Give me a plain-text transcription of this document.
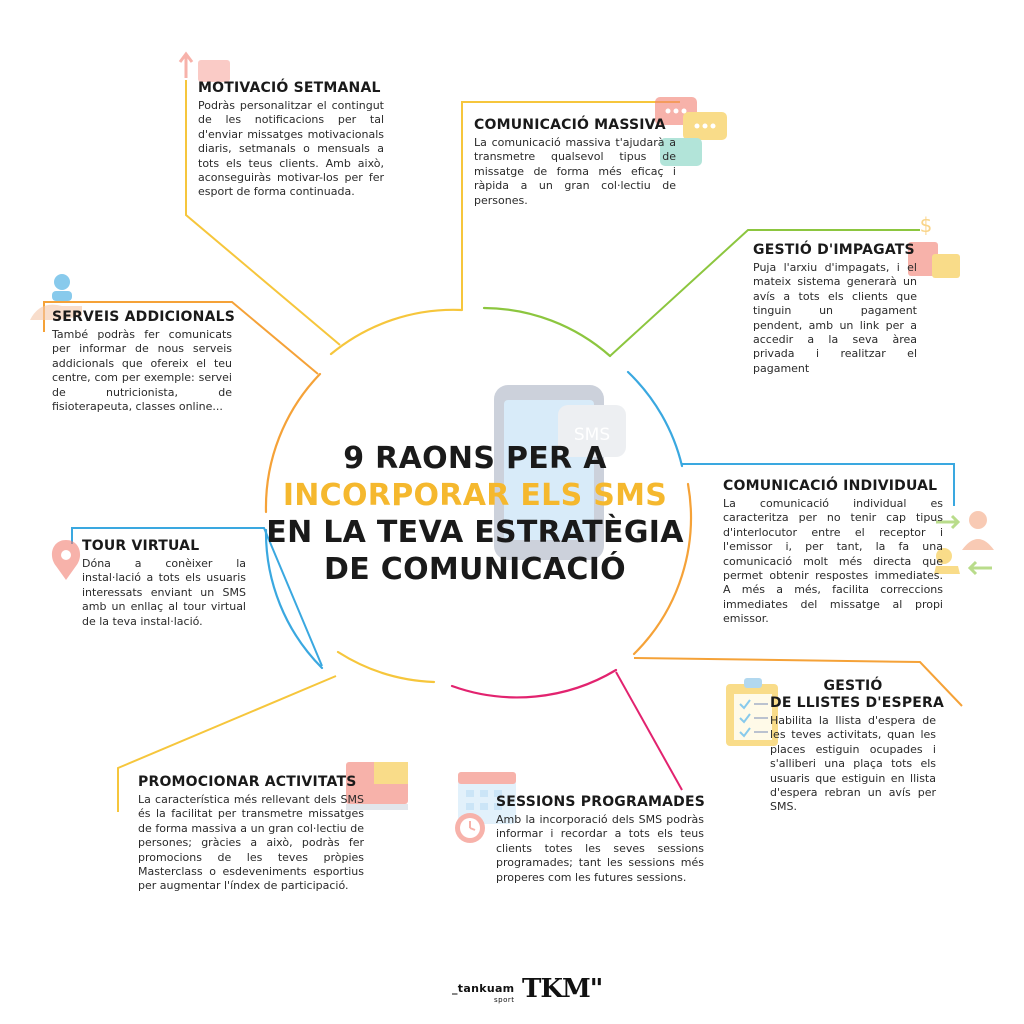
SMS
$
9 RAONS PER A
INCORPORAR ELS SMS
EN LA TEVA ESTRATÈGIA
DE COMUNICACIÓ
MOTIVACIÓ SETMANAL
Podràs personalitzar el contingut de les notificacions per tal d'enviar missatges motivacionals diaris, setmanals o mensuals a tots els teus clients. Amb això, aconseguiràs motivar-los per fer esport de forma continuada.
COMUNICACIÓ MASSIVA
La comunicació massiva t'ajudarà a transmetre qualsevol tipus de missatge de forma més eficaç i ràpida a un gran col·lectiu de persones.
GESTIÓ D'IMPAGATS
Puja l'arxiu d'impagats, i el mateix sistema generarà un avís a tots els clients que tinguin un pagament pendent, amb un link per a accedir a la seva àrea privada i realitzar el pagament
COMUNICACIÓ INDIVIDUAL
La comunicació individual es caracteritza per no tenir cap tipus d'interlocutor entre el receptor i l'emissor i, per tant, la fa una comunicació molt més directa que permet obtenir respostes immediates. A més a més, facilita correccions immediates del missatge al propi emissor.
GESTIÓ
DE LLISTES D'ESPERA
Habilita la llista d'espera de les teves activitats, quan les places estiguin ocupades i s'alliberi una plaça tots els usuaris que estiguin en llista d'espera rebran un avís per SMS.
SESSIONS PROGRAMADES
Amb la incorporació dels SMS podràs informar i recordar a tots els teus clients totes les seves sessions programades; tant les sessions més properes com les futures sessions.
PROMOCIONAR ACTIVITATS
La característica més rellevant dels SMS és la facilitat per transmetre missatges de forma massiva a un gran col·lectiu de persones; gràcies a això, podràs fer promocions de les teves pròpies Masterclass o esdeveniments esportius per augmentar l'índex de participació.
TOUR VIRTUAL
Dóna a conèixer la instal·lació a tots els usuaris interessats enviant un SMS amb un enllaç al tour virtual de la teva instal·lació.
SERVEIS ADDICIONALS
També podràs fer comunicats per informar de nous serveis addicionals que ofereix el teu centre, com per exemple: servei de nutricionista, de fisioterapeuta, classes online...
_tankuam
sport TKM"
